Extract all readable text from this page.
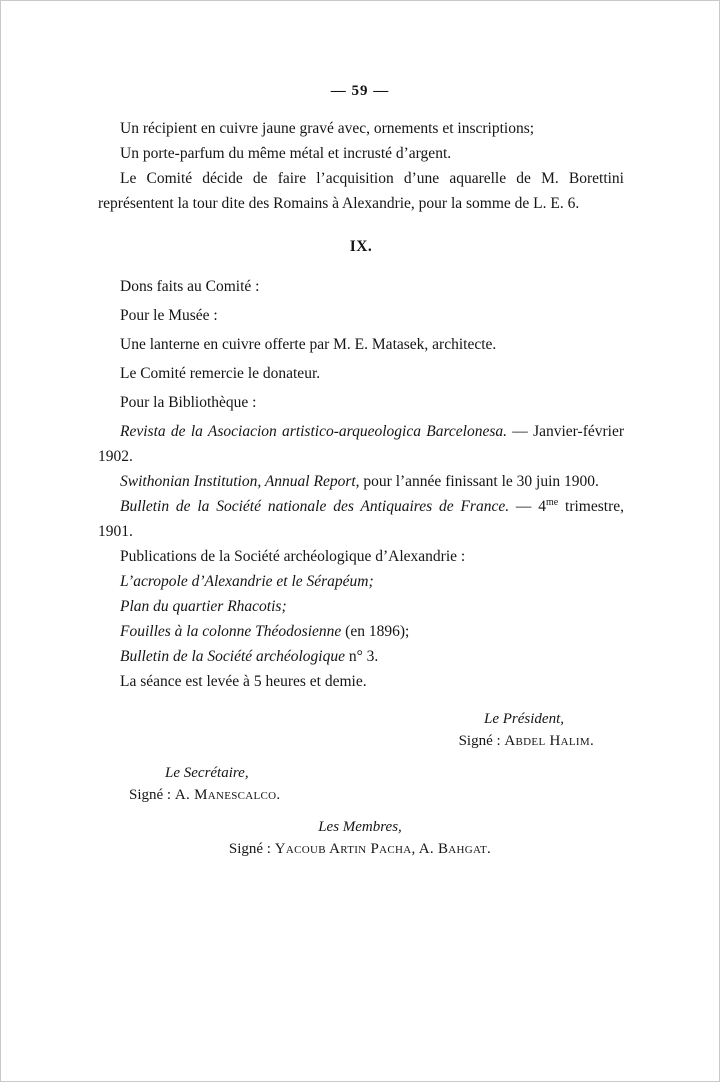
— 59 —

Un récipient en cuivre jaune gravé avec, ornements et inscriptions;

Un porte-parfum du même métal et incrusté d’argent.

Le Comité décide de faire l’acquisition d’une aquarelle de M. Borettini représentent la tour dite des Romains à Alexandrie, pour la somme de L. E. 6.

IX.

Dons faits au Comité :

Pour le Musée :

Une lanterne en cuivre offerte par M. E. Matasek, architecte.

Le Comité remercie le donateur.

Pour la Bibliothèque :

Revista de la Asociacion artistico-arqueologica Barcelonesa. — Janvier-février 1902.

Swithonian Institution, Annual Report, pour l’année finissant le 30 juin 1900.

Bulletin de la Société nationale des Antiquaires de France. — $4^{me}$ trimestre, 1901.

Publications de la Société archéologique d’Alexandrie :

L’acropole d’Alexandrie et le Sérapéum;

Plan du quartier Rhacotis;

Fouilles à la colonne Théodosienne (en 1896);

Bulletin de la Société archéologique n° 3.

La séance est levée à 5 heures et demie.

Le Président,
Signé : Abdel Halim.
Le Secrétaire,
Signé : A. Manescalco.
Les Membres,
Signé : Yacoub Artin Pacha, A. Bahgat.
